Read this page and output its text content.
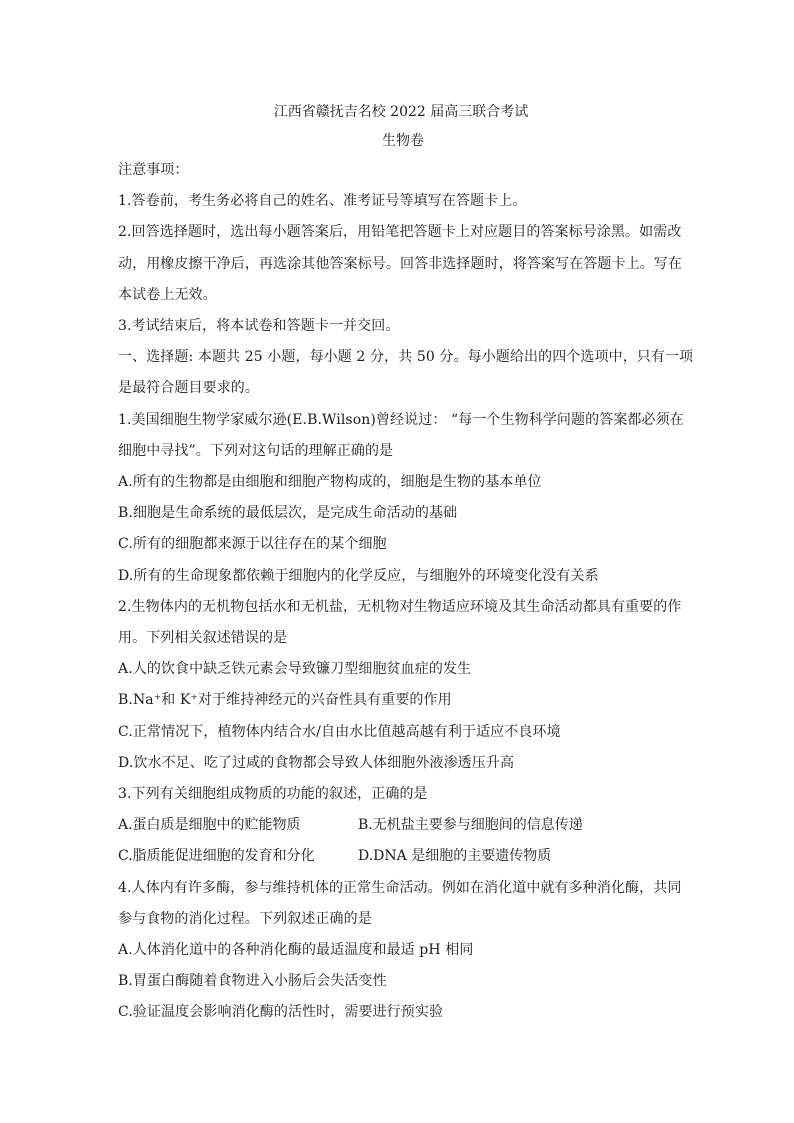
江西省赣抚吉名校 2022 届高三联合考试

生物卷

注意事项：

1.答卷前，考生务必将自己的姓名、准考证号等填写在答题卡上。

2.回答选择题时，选出每小题答案后，用铅笔把答题卡上对应题目的答案标号涂黑。如需改

动，用橡皮擦干净后，再选涂其他答案标号。回答非选择题时，将答案写在答题卡上。写在

本试卷上无效。

3.考试结束后，将本试卷和答题卡一并交回。

一、选择题: 本题共 25 小题，每小题 2 分，共 50 分。每小题给出的四个选项中，只有一项

是最符合题目要求的。

1.美国细胞生物学家威尔逊(E.B.Wilson)曾经说过： “每一个生物科学问题的答案都必须在

细胞中寻找”。下列对这句话的理解正确的是

A.所有的生物都是由细胞和细胞产物构成的，细胞是生物的基本单位

B.细胞是生命系统的最低层次，是完成生命活动的基础

C.所有的细胞都来源于以往存在的某个细胞

D.所有的生命现象都依赖于细胞内的化学反应，与细胞外的环境变化没有关系

2.生物体内的无机物包括水和无机盐，无机物对生物适应环境及其生命活动都具有重要的作

用。下列相关叙述错误的是

A.人的饮食中缺乏铁元素会导致镰刀型细胞贫血症的发生

B.Na⁺和 K⁺对于维持神经元的兴奋性具有重要的作用

C.正常情况下，植物体内结合水/自由水比值越高越有利于适应不良环境

D.饮水不足、吃了过咸的食物都会导致人体细胞外液渗透压升高

3.下列有关细胞组成物质的功能的叙述，正确的是

A.蛋白质是细胞中的贮能物质	B.无机盐主要参与细胞间的信息传递
C.脂质能促进细胞的发育和分化	D.DNA 是细胞的主要遗传物质

4.人体内有许多酶，参与维持机体的正常生命活动。例如在消化道中就有多种消化酶，共同

参与食物的消化过程。下列叙述正确的是

A.人体消化道中的各种消化酶的最适温度和最适 pH 相同

B.胃蛋白酶随着食物进入小肠后会失活变性

C.验证温度会影响消化酶的活性时，需要进行预实验
